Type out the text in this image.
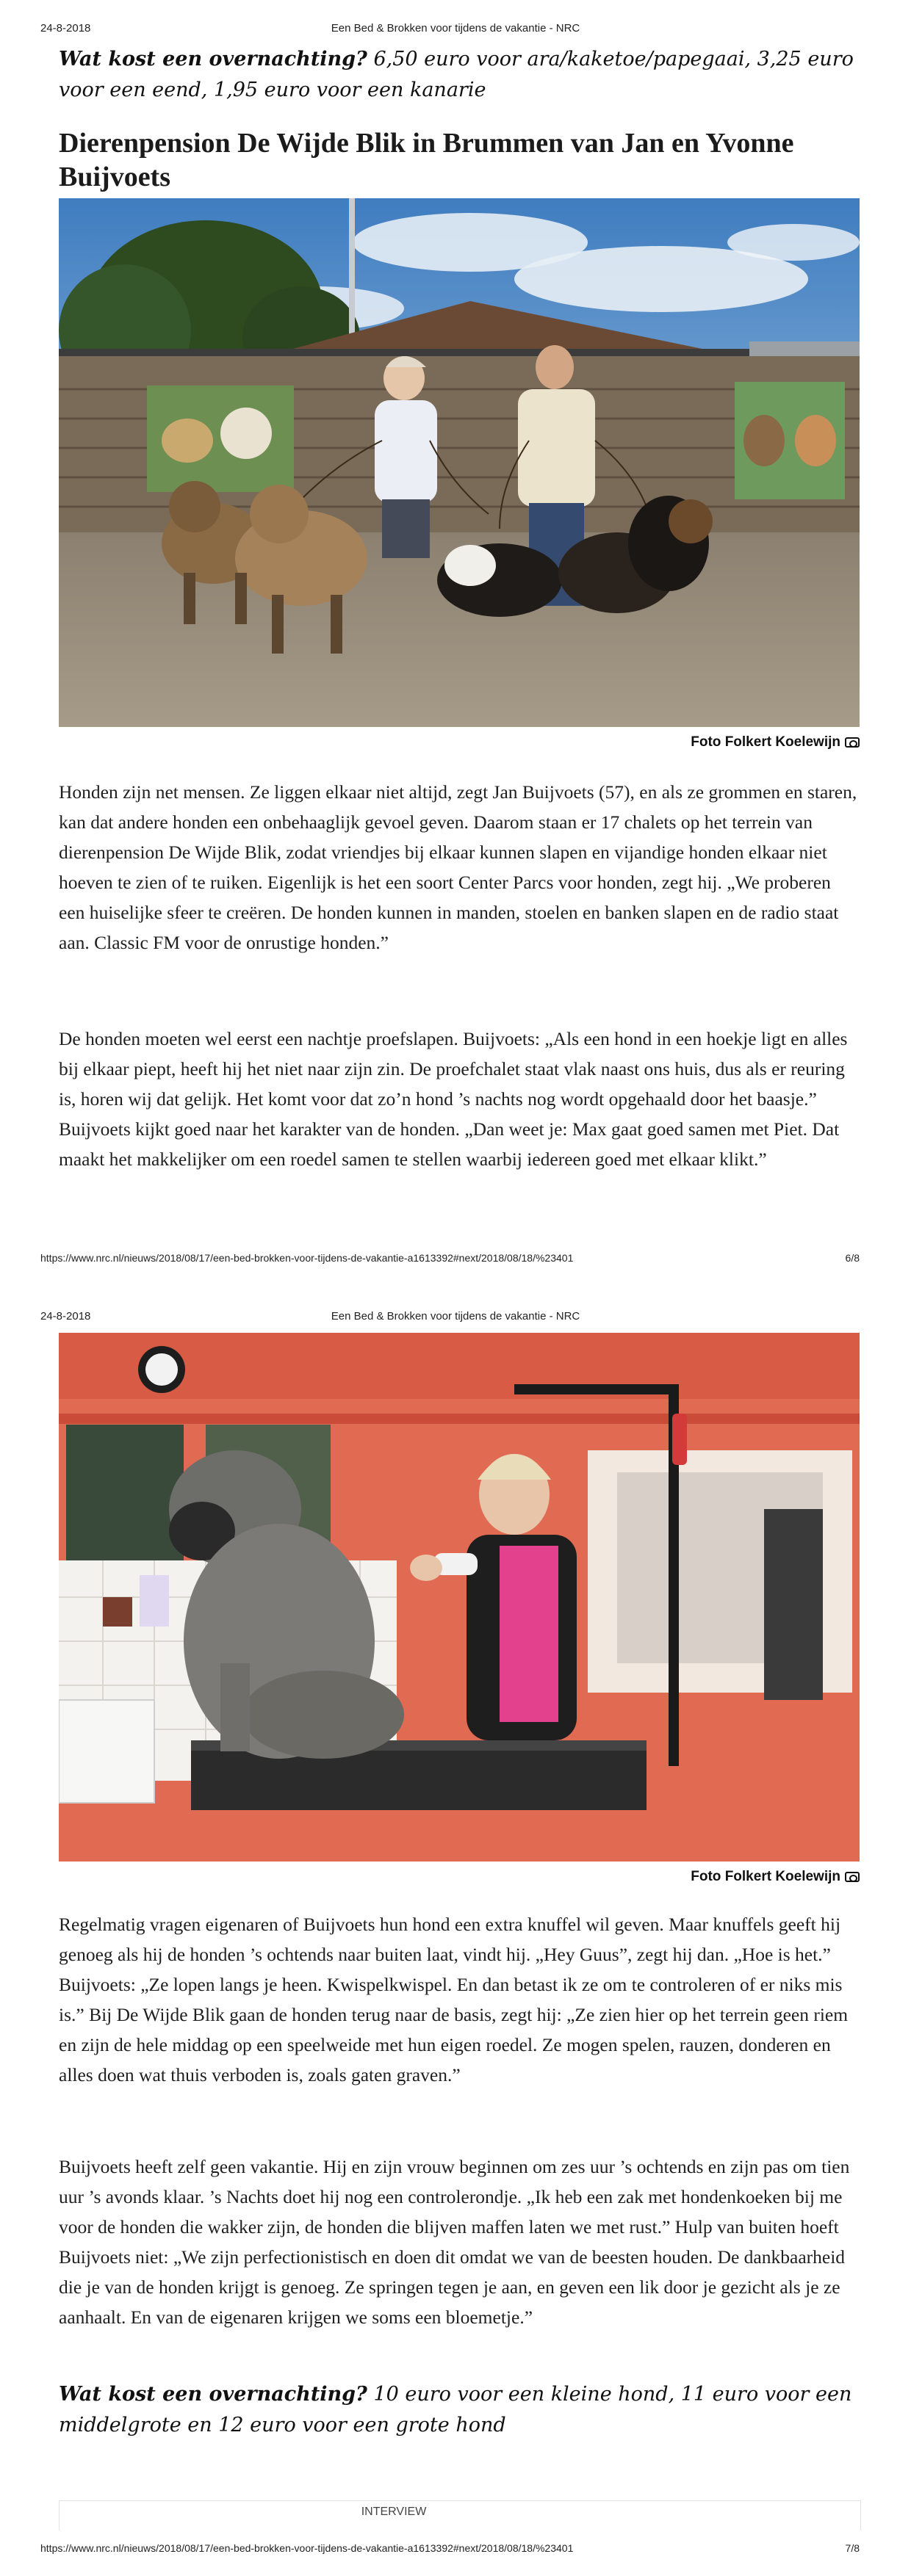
24-8-2018	Een Bed & Brokken voor tijdens de vakantie - NRC
Wat kost een overnachting? 6,50 euro voor ara/kaketoe/papegaai, 3,25 euro voor een eend, 1,95 euro voor een kanarie
Dierenpension De Wijde Blik in Brummen van Jan en Yvonne Buijvoets
Foto Folkert Koelewijn
Honden zijn net mensen. Ze liggen elkaar niet altijd, zegt Jan Buijvoets (57), en als ze grommen en staren, kan dat andere honden een onbehaaglijk gevoel geven. Daarom staan er 17 chalets op het terrein van dierenpension De Wijde Blik, zodat vriendjes bij elkaar kunnen slapen en vijandige honden elkaar niet hoeven te zien of te ruiken. Eigenlijk is het een soort Center Parcs voor honden, zegt hij. „We proberen een huiselijke sfeer te creëren. De honden kunnen in manden, stoelen en banken slapen en de radio staat aan. Classic FM voor de onrustige honden.”
De honden moeten wel eerst een nachtje proefslapen. Buijvoets: „Als een hond in een hoekje ligt en alles bij elkaar piept, heeft hij het niet naar zijn zin. De proefchalet staat vlak naast ons huis, dus als er reuring is, horen wij dat gelijk. Het komt voor dat zo’n hond ’s nachts nog wordt opgehaald door het baasje.” Buijvoets kijkt goed naar het karakter van de honden. „Dan weet je: Max gaat goed samen met Piet. Dat maakt het makkelijker om een roedel samen te stellen waarbij iedereen goed met elkaar klikt.”
https://www.nrc.nl/nieuws/2018/08/17/een-bed-brokken-voor-tijdens-de-vakantie-a1613392#next/2018/08/18/%23401	6/8
24-8-2018	Een Bed & Brokken voor tijdens de vakantie - NRC
Foto Folkert Koelewijn
Regelmatig vragen eigenaren of Buijvoets hun hond een extra knuffel wil geven. Maar knuffels geeft hij genoeg als hij de honden ’s ochtends naar buiten laat, vindt hij. „Hey Guus”, zegt hij dan. „Hoe is het.” Buijvoets: „Ze lopen langs je heen. Kwispelkwispel. En dan betast ik ze om te controleren of er niks mis is.” Bij De Wijde Blik gaan de honden terug naar de basis, zegt hij: „Ze zien hier op het terrein geen riem en zijn de hele middag op een speelweide met hun eigen roedel. Ze mogen spelen, rauzen, donderen en alles doen wat thuis verboden is, zoals gaten graven.”
Buijvoets heeft zelf geen vakantie. Hij en zijn vrouw beginnen om zes uur ’s ochtends en zijn pas om tien uur ’s avonds klaar. ’s Nachts doet hij nog een controlerondje. „Ik heb een zak met hondenkoeken bij me voor de honden die wakker zijn, de honden die blijven maffen laten we met rust.” Hulp van buiten hoeft Buijvoets niet: „We zijn perfectionistisch en doen dit omdat we van de beesten houden. De dankbaarheid die je van de honden krijgt is genoeg. Ze springen tegen je aan, en geven een lik door je gezicht als je ze aanhaalt. En van de eigenaren krijgen we soms een bloemetje.”
Wat kost een overnachting? 10 euro voor een kleine hond, 11 euro voor een middelgrote en 12 euro voor een grote hond
INTERVIEW
https://www.nrc.nl/nieuws/2018/08/17/een-bed-brokken-voor-tijdens-de-vakantie-a1613392#next/2018/08/18/%23401	7/8
